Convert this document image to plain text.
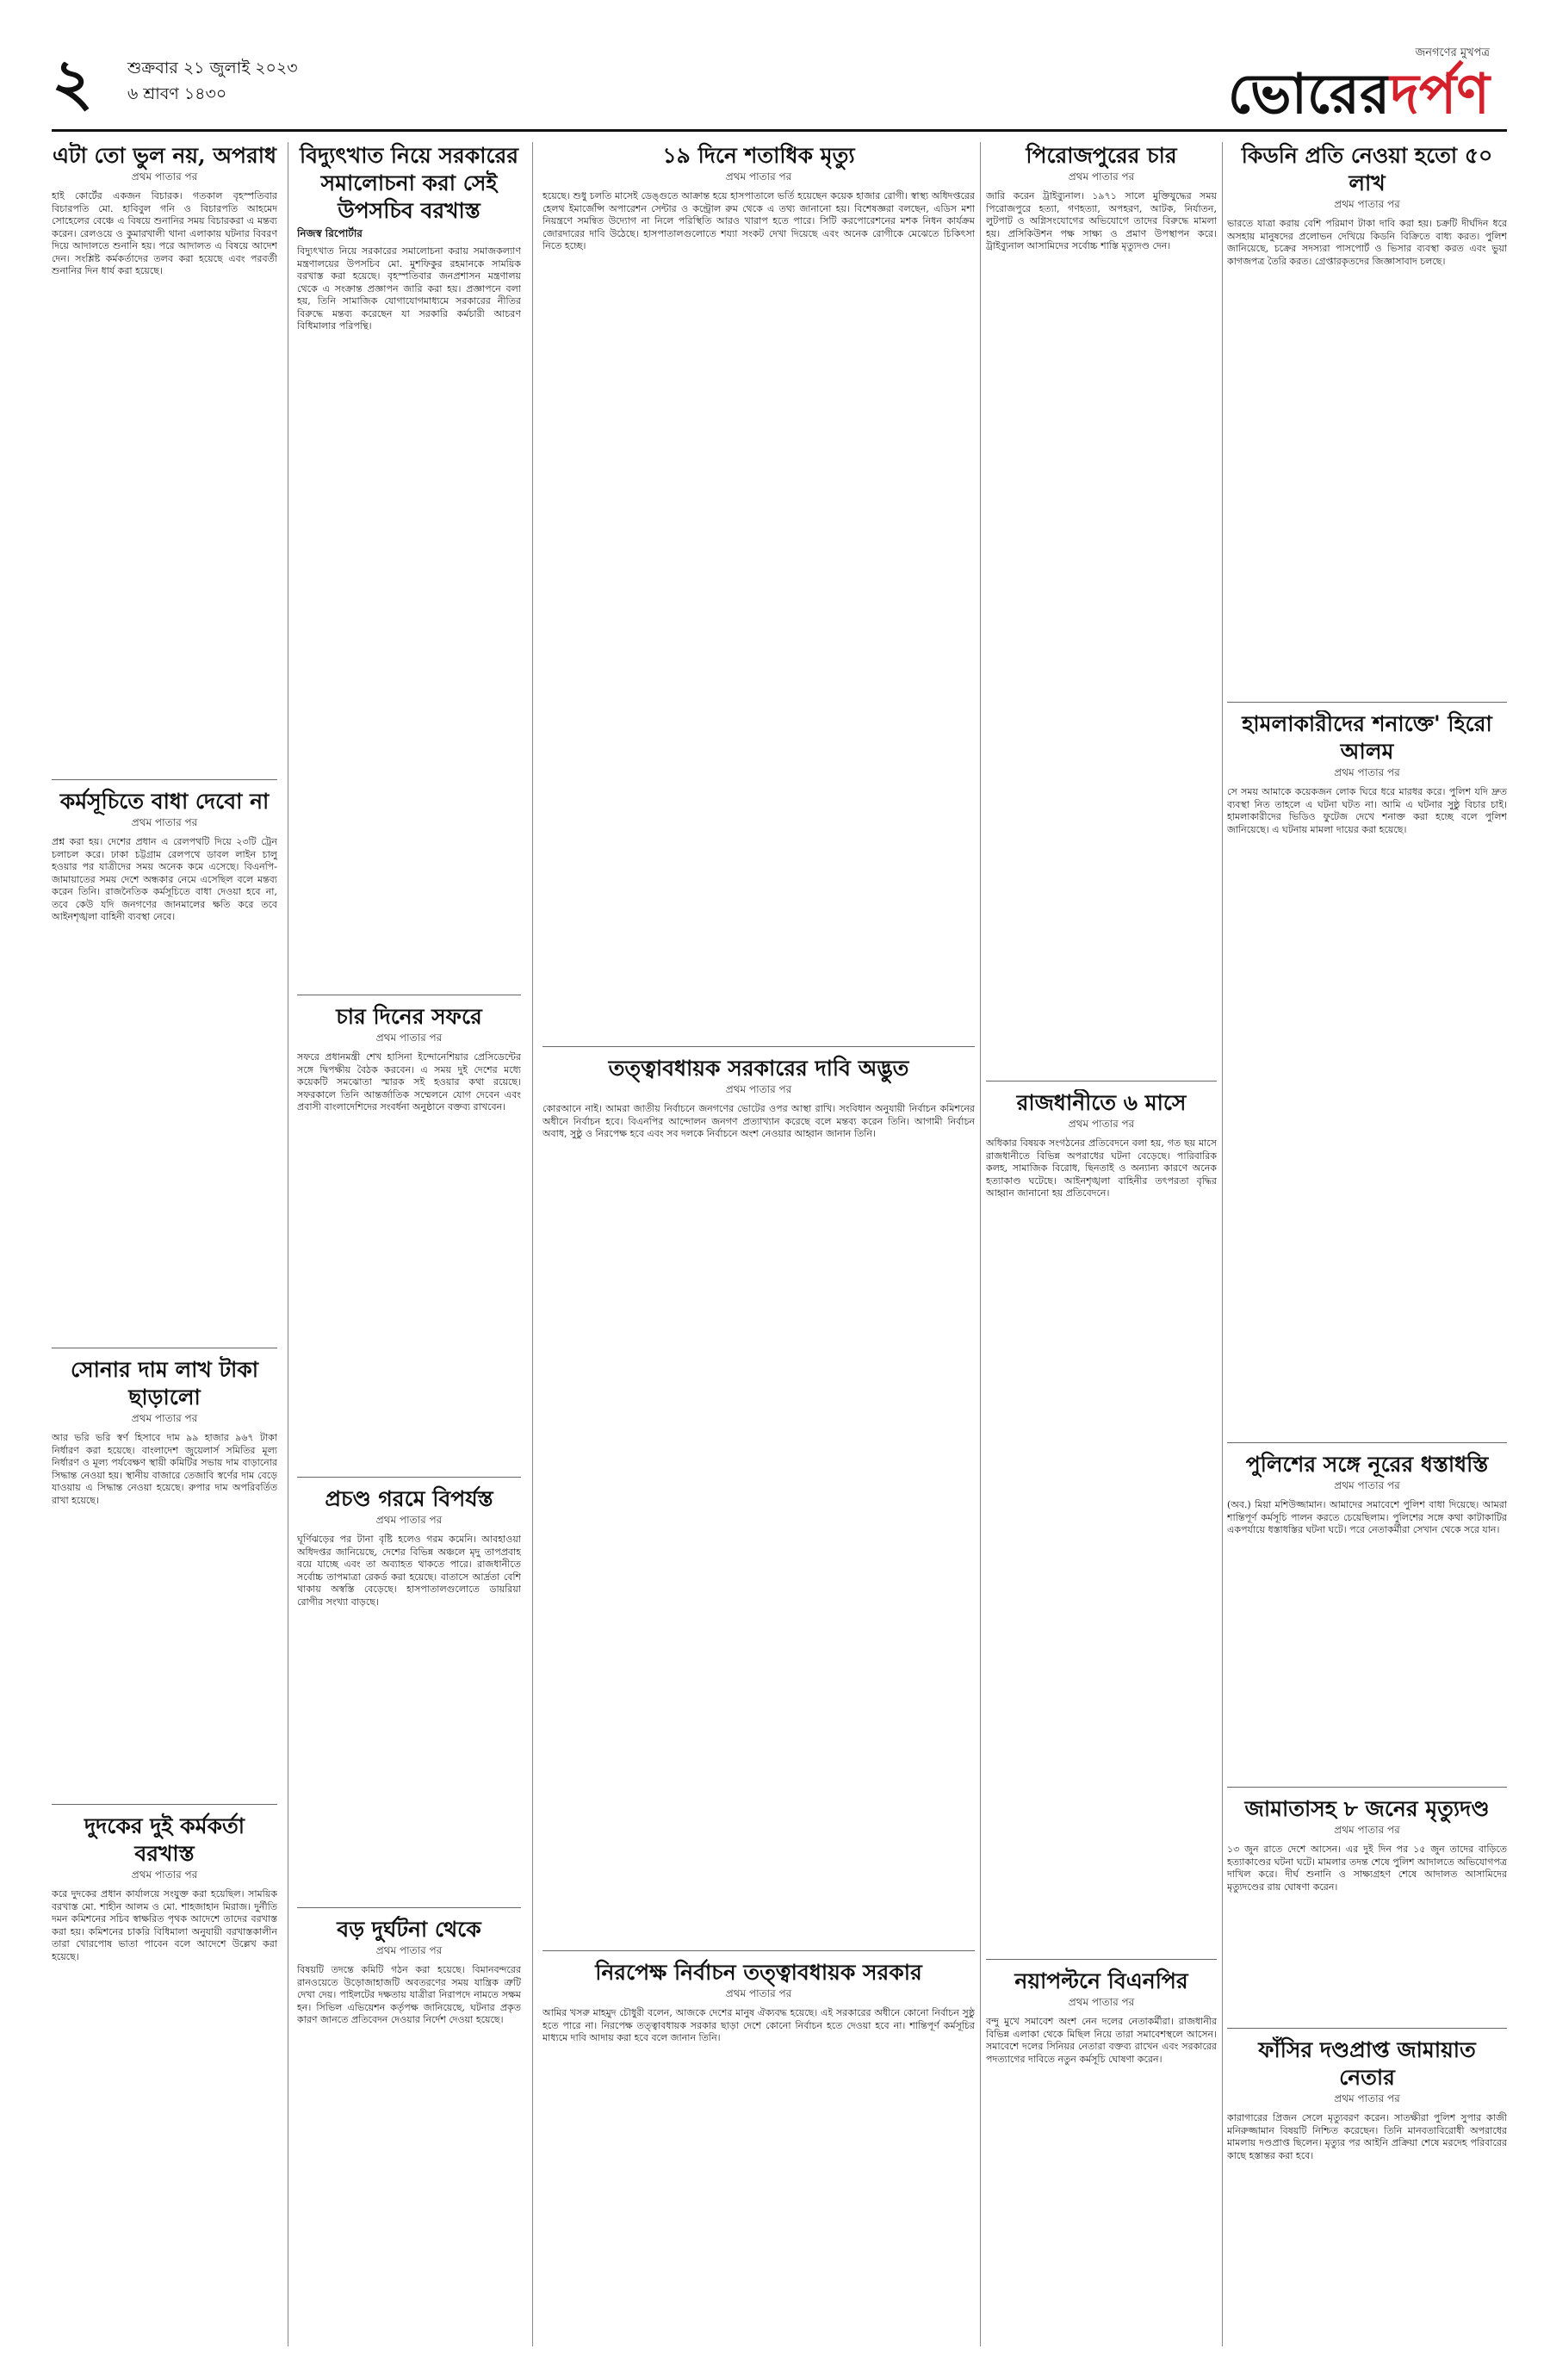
২ শুক্রবার ২১ জুলাই ২০২৩
৬ শ্রাবণ ১৪৩০
জনগণের মুখপত্র
ভোরেরদর্পণ

এটা তো ভুল নয়, অপরাধ

প্রথম পাতার পর

হাই কোর্টের একজন বিচারক। গতকাল বৃহস্পতিবার বিচারপতি মো. হাবিবুল গনি ও বিচারপতি আহমেদ সোহেলের বেঞ্চে এ বিষয়ে শুনানির সময় বিচারকরা এ মন্তব্য করেন। রেলওয়ে ও কুমারখালী থানা এলাকায় ঘটনার বিবরণ দিয়ে আদালতে শুনানি হয়। পরে আদালত এ বিষয়ে আদেশ দেন। সংশ্লিষ্ট কর্মকর্তাদের তলব করা হয়েছে এবং পরবর্তী শুনানির দিন ধার্য করা হয়েছে।

কর্মসূচিতে বাধা দেবো না

প্রথম পাতার পর

প্রশ্ন করা হয়। দেশের প্রধান এ রেলপথটি দিয়ে ২৩টি ট্রেন চলাচল করে। ঢাকা চট্টগ্রাম রেলপথে ডাবল লাইন চালু হওয়ার পর যাত্রীদের সময় অনেক কমে এসেছে। বিএনপি-জামায়াতের সময় দেশে অন্ধকার নেমে এসেছিল বলে মন্তব্য করেন তিনি। রাজনৈতিক কর্মসূচিতে বাধা দেওয়া হবে না, তবে কেউ যদি জনগণের জানমালের ক্ষতি করে তবে আইনশৃঙ্খলা বাহিনী ব্যবস্থা নেবে।

সোনার দাম লাখ টাকা ছাড়ালো

প্রথম পাতার পর

আর ভরি ভরি স্বর্ণ হিসাবে দাম ৯৯ হাজার ৯৬৭ টাকা নির্ধারণ করা হয়েছে। বাংলাদেশ জুয়েলার্স সমিতির মূল্য নির্ধারণ ও মূল্য পর্যবেক্ষণ স্থায়ী কমিটির সভায় দাম বাড়ানোর সিদ্ধান্ত নেওয়া হয়। স্থানীয় বাজারে তেজাবি স্বর্ণের দাম বেড়ে যাওয়ায় এ সিদ্ধান্ত নেওয়া হয়েছে। রুপার দাম অপরিবর্তিত রাখা হয়েছে।

দুদকের দুই কর্মকর্তা বরখাস্ত

প্রথম পাতার পর

করে দুদকের প্রধান কার্যালয়ে সংযুক্ত করা হয়েছিল। সাময়িক বরখাস্ত মো. শাহীন আলম ও মো. শাহজাহান মিরাজ। দুর্নীতি দমন কমিশনের সচিব স্বাক্ষরিত পৃথক আদেশে তাদের বরখাস্ত করা হয়। কমিশনের চাকরি বিধিমালা অনুযায়ী বরখাস্তকালীন তারা খোরপোষ ভাতা পাবেন বলে আদেশে উল্লেখ করা হয়েছে।

বিদ্যুৎখাত নিয়ে সরকারের সমালোচনা করা সেই উপসচিব বরখাস্ত

নিজস্ব রিপোর্টার

বিদ্যুৎখাত নিয়ে সরকারের সমালোচনা করায় সমাজকল্যাণ মন্ত্রণালয়ের উপসচিব মো. মুশফিকুর রহমানকে সাময়িক বরখাস্ত করা হয়েছে। বৃহস্পতিবার জনপ্রশাসন মন্ত্রণালয় থেকে এ সংক্রান্ত প্রজ্ঞাপন জারি করা হয়। প্রজ্ঞাপনে বলা হয়, তিনি সামাজিক যোগাযোগমাধ্যমে সরকারের নীতির বিরুদ্ধে মন্তব্য করেছেন যা সরকারি কর্মচারী আচরণ বিধিমালার পরিপন্থি।

চার দিনের সফরে

প্রথম পাতার পর

সফরে প্রধানমন্ত্রী শেখ হাসিনা ইন্দোনেশিয়ার প্রেসিডেন্টের সঙ্গে দ্বিপক্ষীয় বৈঠক করবেন। এ সময় দুই দেশের মধ্যে কয়েকটি সমঝোতা স্মারক সই হওয়ার কথা রয়েছে। সফরকালে তিনি আন্তর্জাতিক সম্মেলনে যোগ দেবেন এবং প্রবাসী বাংলাদেশিদের সংবর্ধনা অনুষ্ঠানে বক্তব্য রাখবেন।

প্রচণ্ড গরমে বিপর্যস্ত

প্রথম পাতার পর

ঘূর্ণিঝড়ের পর টানা বৃষ্টি হলেও গরম কমেনি। আবহাওয়া অধিদপ্তর জানিয়েছে, দেশের বিভিন্ন অঞ্চলে মৃদু তাপপ্রবাহ বয়ে যাচ্ছে এবং তা অব্যাহত থাকতে পারে। রাজধানীতে সর্বোচ্চ তাপমাত্রা রেকর্ড করা হয়েছে। বাতাসে আর্দ্রতা বেশি থাকায় অস্বস্তি বেড়েছে। হাসপাতালগুলোতে ডায়রিয়া রোগীর সংখ্যা বাড়ছে।

বড় দুর্ঘটনা থেকে

প্রথম পাতার পর

বিষয়টি তদন্তে কমিটি গঠন করা হয়েছে। বিমানবন্দরের রানওয়েতে উড়োজাহাজটি অবতরণের সময় যান্ত্রিক ত্রুটি দেখা দেয়। পাইলটের দক্ষতায় যাত্রীরা নিরাপদে নামতে সক্ষম হন। সিভিল এভিয়েশন কর্তৃপক্ষ জানিয়েছে, ঘটনার প্রকৃত কারণ জানতে প্রতিবেদন দেওয়ার নির্দেশ দেওয়া হয়েছে।

১৯ দিনে শতাধিক মৃত্যু

প্রথম পাতার পর

হয়েছে। শুধু চলতি মাসেই ডেঙ্গুতে আক্রান্ত হয়ে হাসপাতালে ভর্তি হয়েছেন কয়েক হাজার রোগী। স্বাস্থ্য অধিদপ্তরের হেলথ ইমার্জেন্সি অপারেশন সেন্টার ও কন্ট্রোল রুম থেকে এ তথ্য জানানো হয়। বিশেষজ্ঞরা বলছেন, এডিস মশা নিয়ন্ত্রণে সমন্বিত উদ্যোগ না নিলে পরিস্থিতি আরও খারাপ হতে পারে। সিটি করপোরেশনের মশক নিধন কার্যক্রম জোরদারের দাবি উঠেছে। হাসপাতালগুলোতে শয্যা সংকট দেখা দিয়েছে এবং অনেক রোগীকে মেঝেতে চিকিৎসা নিতে হচ্ছে।

তত্ত্বাবধায়ক সরকারের দাবি অদ্ভুত

প্রথম পাতার পর

কোরআনে নাই। আমরা জাতীয় নির্বাচনে জনগণের ভোটের ওপর আস্থা রাখি। সংবিধান অনুযায়ী নির্বাচন কমিশনের অধীনে নির্বাচন হবে। বিএনপির আন্দোলন জনগণ প্রত্যাখ্যান করেছে বলে মন্তব্য করেন তিনি। আগামী নির্বাচন অবাধ, সুষ্ঠু ও নিরপেক্ষ হবে এবং সব দলকে নির্বাচনে অংশ নেওয়ার আহ্বান জানান তিনি।

নিরপেক্ষ নির্বাচন তত্ত্বাবধায়ক সরকার

প্রথম পাতার পর

আমির খসরু মাহমুদ চৌধুরী বলেন, আজকে দেশের মানুষ ঐক্যবদ্ধ হয়েছে। এই সরকারের অধীনে কোনো নির্বাচন সুষ্ঠু হতে পারে না। নিরপেক্ষ তত্ত্বাবধায়ক সরকার ছাড়া দেশে কোনো নির্বাচন হতে দেওয়া হবে না। শান্তিপূর্ণ কর্মসূচির মাধ্যমে দাবি আদায় করা হবে বলে জানান তিনি।

পিরোজপুরের চার

প্রথম পাতার পর

জারি করেন ট্রাইব্যুনাল। ১৯৭১ সালে মুক্তিযুদ্ধের সময় পিরোজপুরে হত্যা, গণহত্যা, অপহরণ, আটক, নির্যাতন, লুটপাট ও অগ্নিসংযোগের অভিযোগে তাদের বিরুদ্ধে মামলা হয়। প্রসিকিউশন পক্ষ সাক্ষ্য ও প্রমাণ উপস্থাপন করে। ট্রাইব্যুনাল আসামিদের সর্বোচ্চ শাস্তি মৃত্যুদণ্ড দেন।

রাজধানীতে ৬ মাসে

প্রথম পাতার পর

অধিকার বিষয়ক সংগঠনের প্রতিবেদনে বলা হয়, গত ছয় মাসে রাজধানীতে বিভিন্ন অপরাধের ঘটনা বেড়েছে। পারিবারিক কলহ, সামাজিক বিরোধ, ছিনতাই ও অন্যান্য কারণে অনেক হত্যাকাণ্ড ঘটেছে। আইনশৃঙ্খলা বাহিনীর তৎপরতা বৃদ্ধির আহ্বান জানানো হয় প্রতিবেদনে।

নয়াপল্টনে বিএনপির

প্রথম পাতার পর

বন্দু মুখে সমাবেশ অংশ নেন দলের নেতাকর্মীরা। রাজধানীর বিভিন্ন এলাকা থেকে মিছিল নিয়ে তারা সমাবেশস্থলে আসেন। সমাবেশে দলের সিনিয়র নেতারা বক্তব্য রাখেন এবং সরকারের পদত্যাগের দাবিতে নতুন কর্মসূচি ঘোষণা করেন।

কিডনি প্রতি নেওয়া হতো ৫০ লাখ

প্রথম পাতার পর

ভারতে যাত্রা করায় বেশি পরিমাণ টাকা দাবি করা হয়। চক্রটি দীর্ঘদিন ধরে অসহায় মানুষদের প্রলোভন দেখিয়ে কিডনি বিক্রিতে বাধ্য করত। পুলিশ জানিয়েছে, চক্রের সদস্যরা পাসপোর্ট ও ভিসার ব্যবস্থা করত এবং ভুয়া কাগজপত্র তৈরি করত। গ্রেপ্তারকৃতদের জিজ্ঞাসাবাদ চলছে।

হামলাকারীদের শনাক্তে' হিরো আলম

প্রথম পাতার পর

সে সময় আমাকে কয়েকজন লোক ঘিরে ধরে মারধর করে। পুলিশ যদি দ্রুত ব্যবস্থা নিত তাহলে এ ঘটনা ঘটত না। আমি এ ঘটনার সুষ্ঠু বিচার চাই। হামলাকারীদের ভিডিও ফুটেজ দেখে শনাক্ত করা হচ্ছে বলে পুলিশ জানিয়েছে। এ ঘটনায় মামলা দায়ের করা হয়েছে।

পুলিশের সঙ্গে নূরের ধস্তাধস্তি

প্রথম পাতার পর

(অব.) মিয়া মশিউজ্জামান। আমাদের সমাবেশে পুলিশ বাধা দিয়েছে। আমরা শান্তিপূর্ণ কর্মসূচি পালন করতে চেয়েছিলাম। পুলিশের সঙ্গে কথা কাটাকাটির একপর্যায়ে ধস্তাধস্তির ঘটনা ঘটে। পরে নেতাকর্মীরা সেখান থেকে সরে যান।

জামাতাসহ ৮ জনের মৃত্যুদণ্ড

প্রথম পাতার পর

১৩ জুন রাতে দেশে আসেন। এর দুই দিন পর ১৫ জুন তাদের বাড়িতে হত্যাকাণ্ডের ঘটনা ঘটে। মামলার তদন্ত শেষে পুলিশ আদালতে অভিযোগপত্র দাখিল করে। দীর্ঘ শুনানি ও সাক্ষ্যগ্রহণ শেষে আদালত আসামিদের মৃত্যুদণ্ডের রায় ঘোষণা করেন।

ফাঁসির দণ্ডপ্রাপ্ত জামায়াত নেতার

প্রথম পাতার পর

কারাগারের প্রিজন সেলে মৃত্যুবরণ করেন। সাতক্ষীরা পুলিশ সুপার কাজী মনিরুজ্জামান বিষয়টি নিশ্চিত করেছেন। তিনি মানবতাবিরোধী অপরাধের মামলায় দণ্ডপ্রাপ্ত ছিলেন। মৃত্যুর পর আইনি প্রক্রিয়া শেষে মরদেহ পরিবারের কাছে হস্তান্তর করা হবে।
